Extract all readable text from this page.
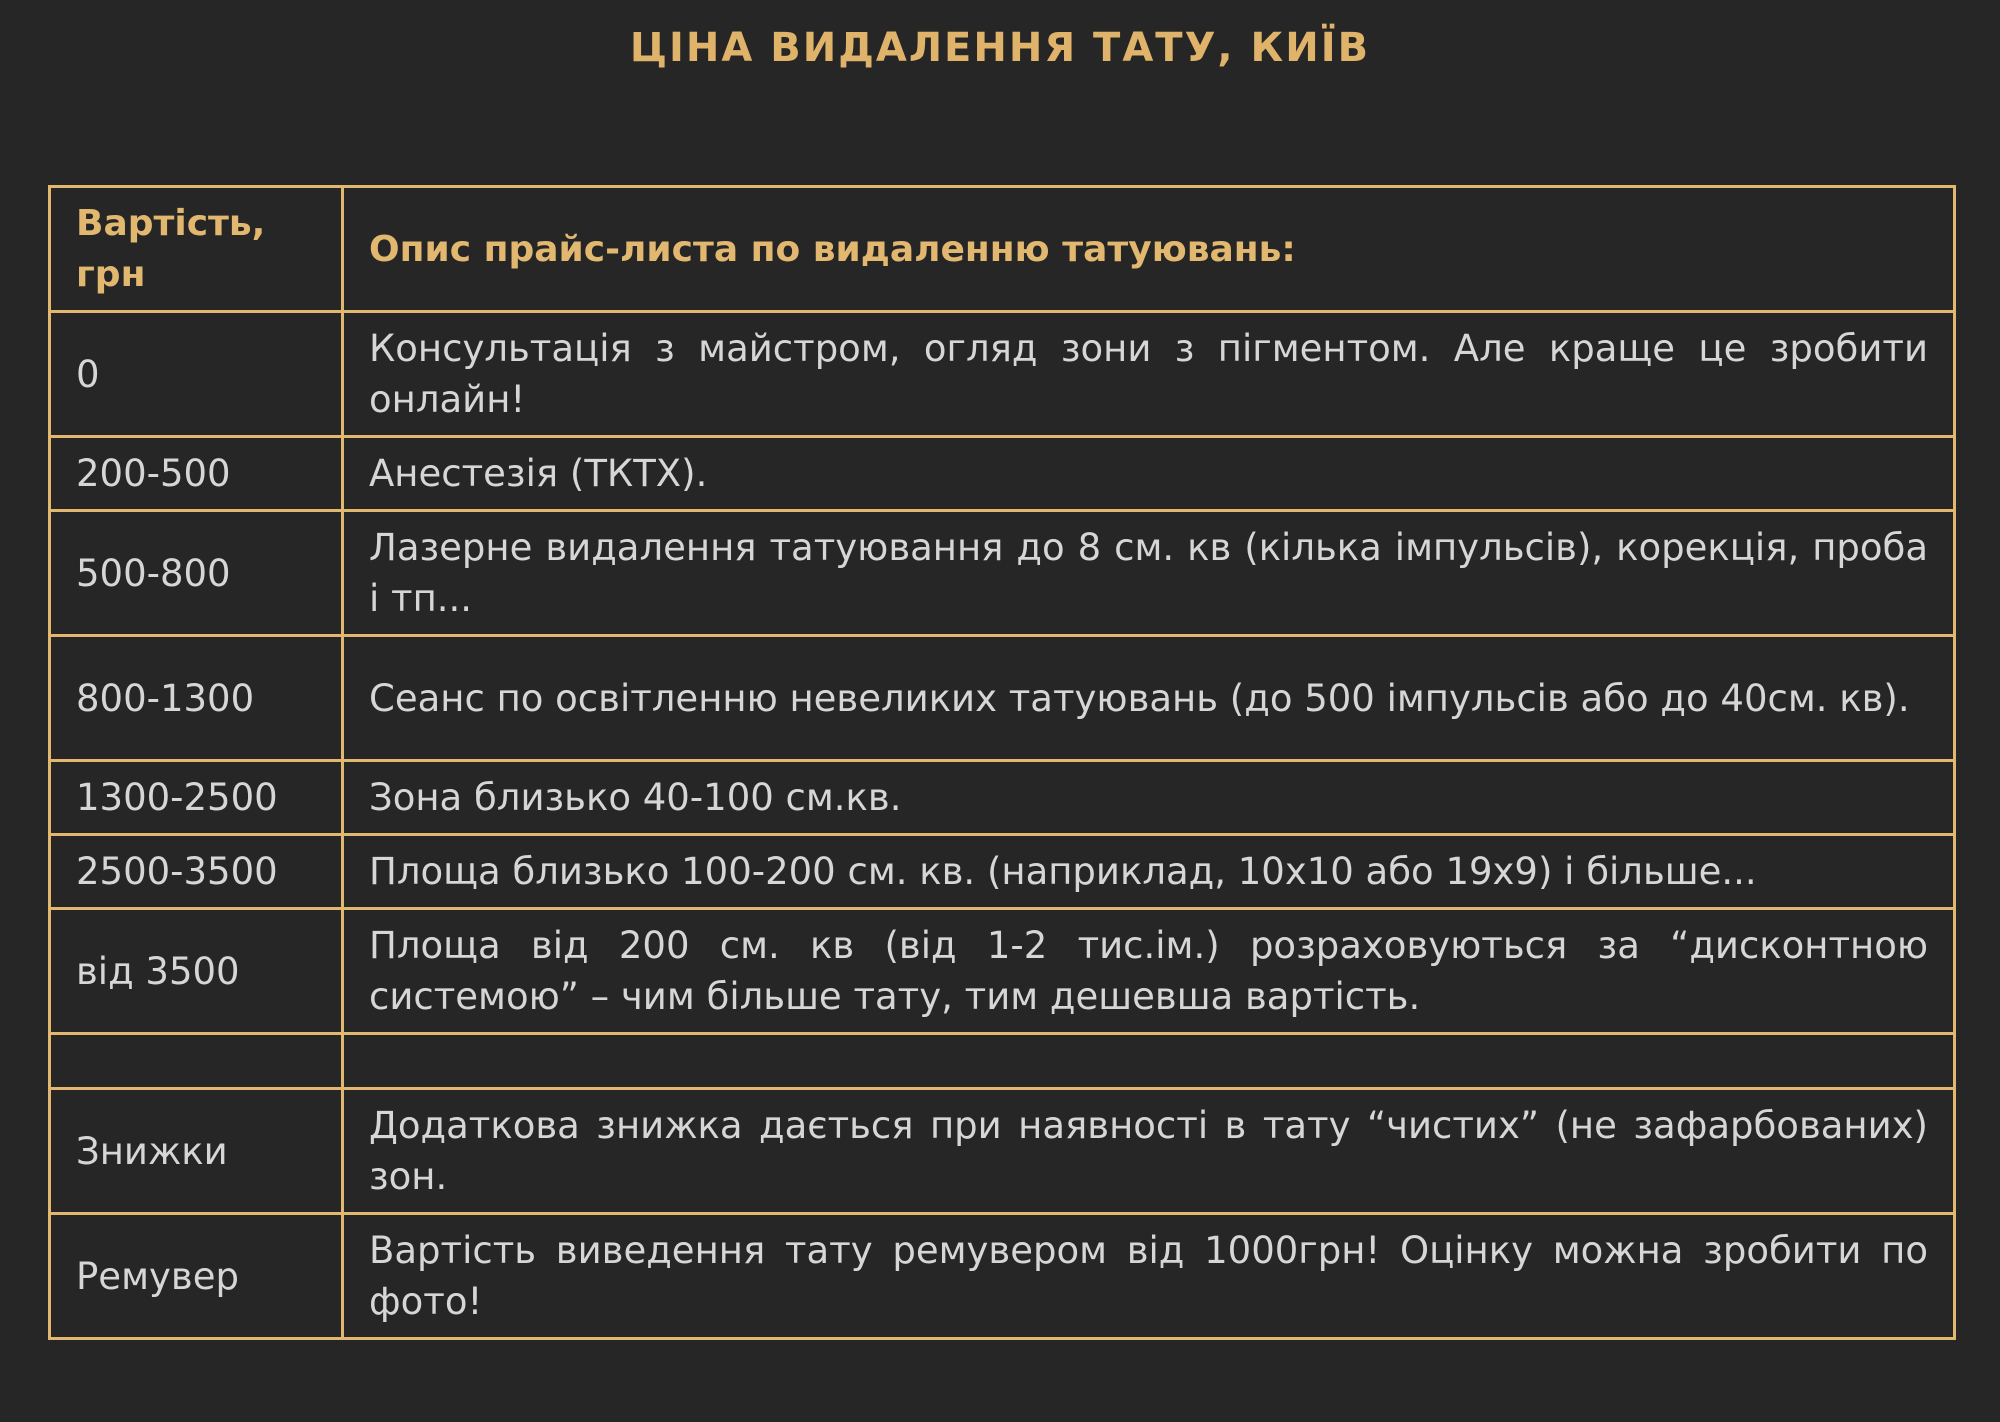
ЦІНА ВИДАЛЕННЯ ТАТУ, КИЇВ
Вартість, грн	Опис прайс-листа по видаленню татуювань:
0	Консультація з майстром, огляд зони з пігментом. Але краще це зробити онлайн!
200-500	Анестезія (ТКТХ).
500-800	Лазерне видалення татуювання до 8 см. кв (кілька імпульсів), корекція, проба і тп...
800-1300	Сеанс по освітленню невеликих татуювань (до 500 імпульсів або до 40см. кв).
1300-2500	Зона близько 40-100 см.кв.
2500-3500	Площа близько 100-200 см. кв. (наприклад, 10х10 або 19х9) і більше...
від 3500	Площа від 200 см. кв (від 1-2 тис.ім.) розраховуються за “дисконтною системою” – чим більше тату, тим дешевша вартість.

Знижки	Додаткова знижка дається при наявності в тату “чистих” (не зафарбованих) зон.
Ремувер	Вартість виведення тату ремувером від 1000грн! Оцінку можна зробити по фото!
